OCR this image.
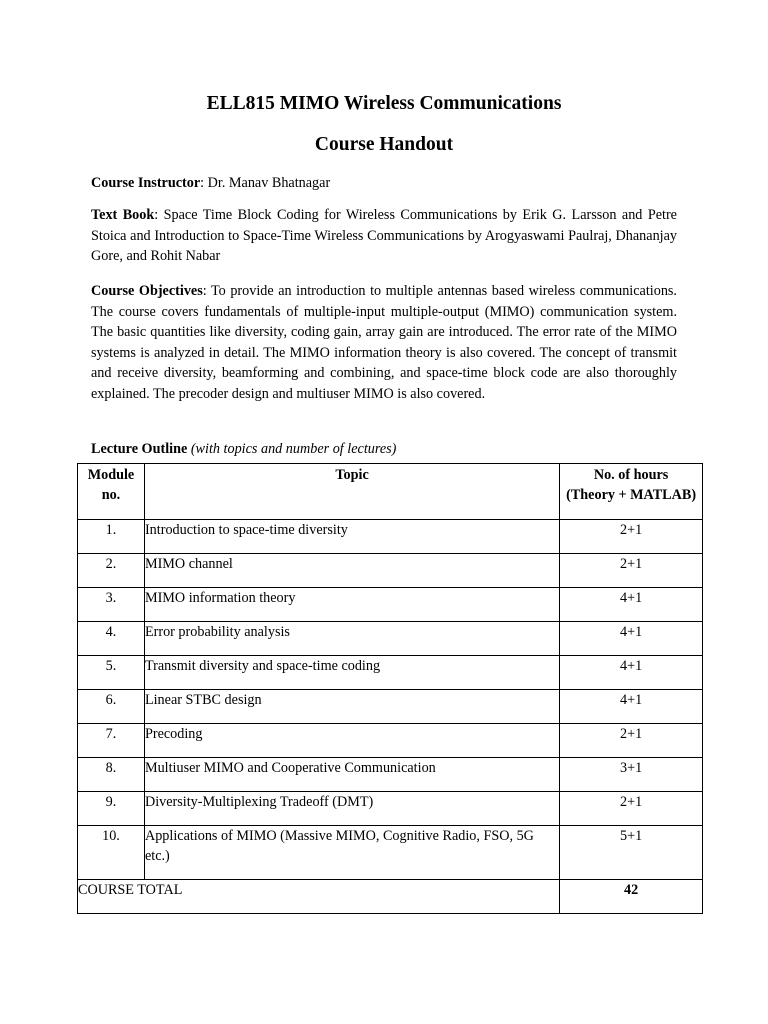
ELL815 MIMO Wireless Communications
Course Handout
Course Instructor: Dr. Manav Bhatnagar
Text Book: Space Time Block Coding for Wireless Communications by Erik G. Larsson and Petre Stoica and Introduction to Space-Time Wireless Communications by Arogyaswami Paulraj, Dhananjay Gore, and Rohit Nabar
Course Objectives: To provide an introduction to multiple antennas based wireless communications. The course covers fundamentals of multiple-input multiple-output (MIMO) communication system. The basic quantities like diversity, coding gain, array gain are introduced. The error rate of the MIMO systems is analyzed in detail. The MIMO information theory is also covered. The concept of transmit and receive diversity, beamforming and combining, and space-time block code are also thoroughly explained. The precoder design and multiuser MIMO is also covered.
Lecture Outline (with topics and number of lectures)
Module
no.	Topic	No. of hours
(Theory + MATLAB)
1.	Introduction to space-time diversity	2+1
2.	MIMO channel	2+1
3.	MIMO information theory	4+1
4.	Error probability analysis	4+1
5.	Transmit diversity and space-time coding	4+1
6.	Linear STBC design	4+1
7.	Precoding	2+1
8.	Multiuser MIMO and Cooperative Communication	3+1
9.	Diversity-Multiplexing Tradeoff (DMT)	2+1
10.	Applications of MIMO (Massive MIMO, Cognitive Radio, FSO, 5G etc.)	5+1
COURSE TOTAL		42
